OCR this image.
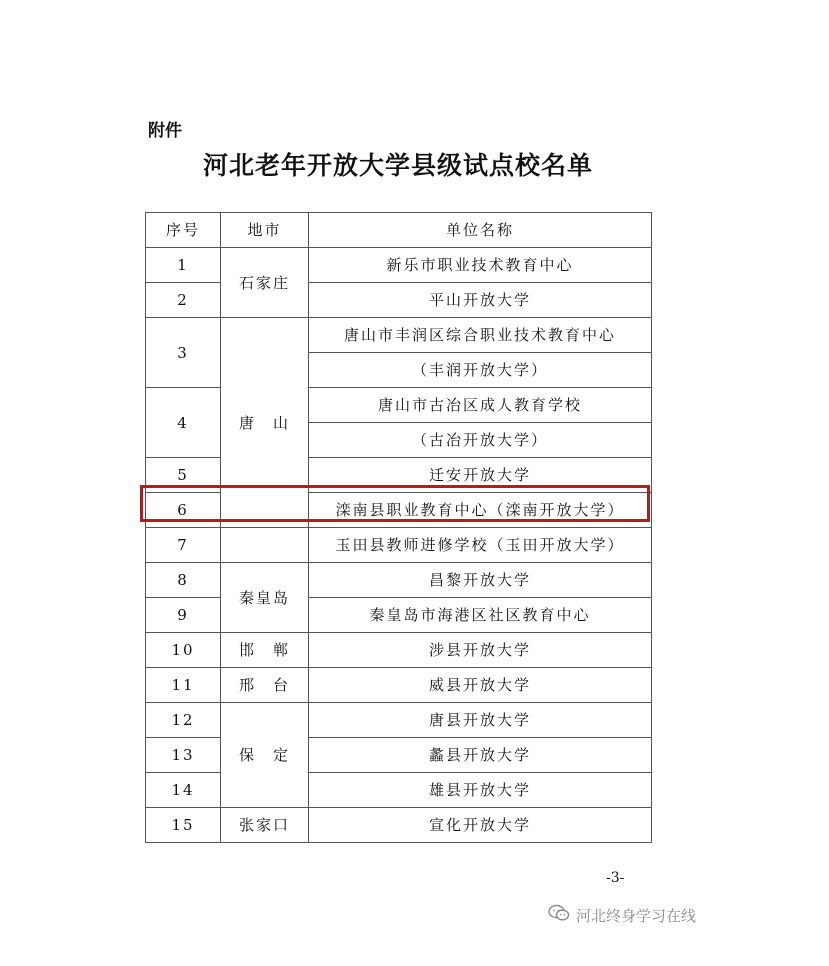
附件
河北老年开放大学县级试点校名单
序号	地市	单位名称
1	石家庄	新乐市职业技术教育中心
2		平山开放大学
3	唐　山	唐山市丰润区综合职业技术教育中心
		（丰润开放大学）
4		唐山市古冶区成人教育学校
		（古冶开放大学）
5		迁安开放大学
6		滦南县职业教育中心（滦南开放大学）
7		玉田县教师进修学校（玉田开放大学）
8	秦皇岛	昌黎开放大学
9		秦皇岛市海港区社区教育中心
10	邯　郸	涉县开放大学
11	邢　台	威县开放大学
12	保　定	唐县开放大学
13		蠡县开放大学
14		雄县开放大学
15	张家口	宣化开放大学
-3-
河北终身学习在线
